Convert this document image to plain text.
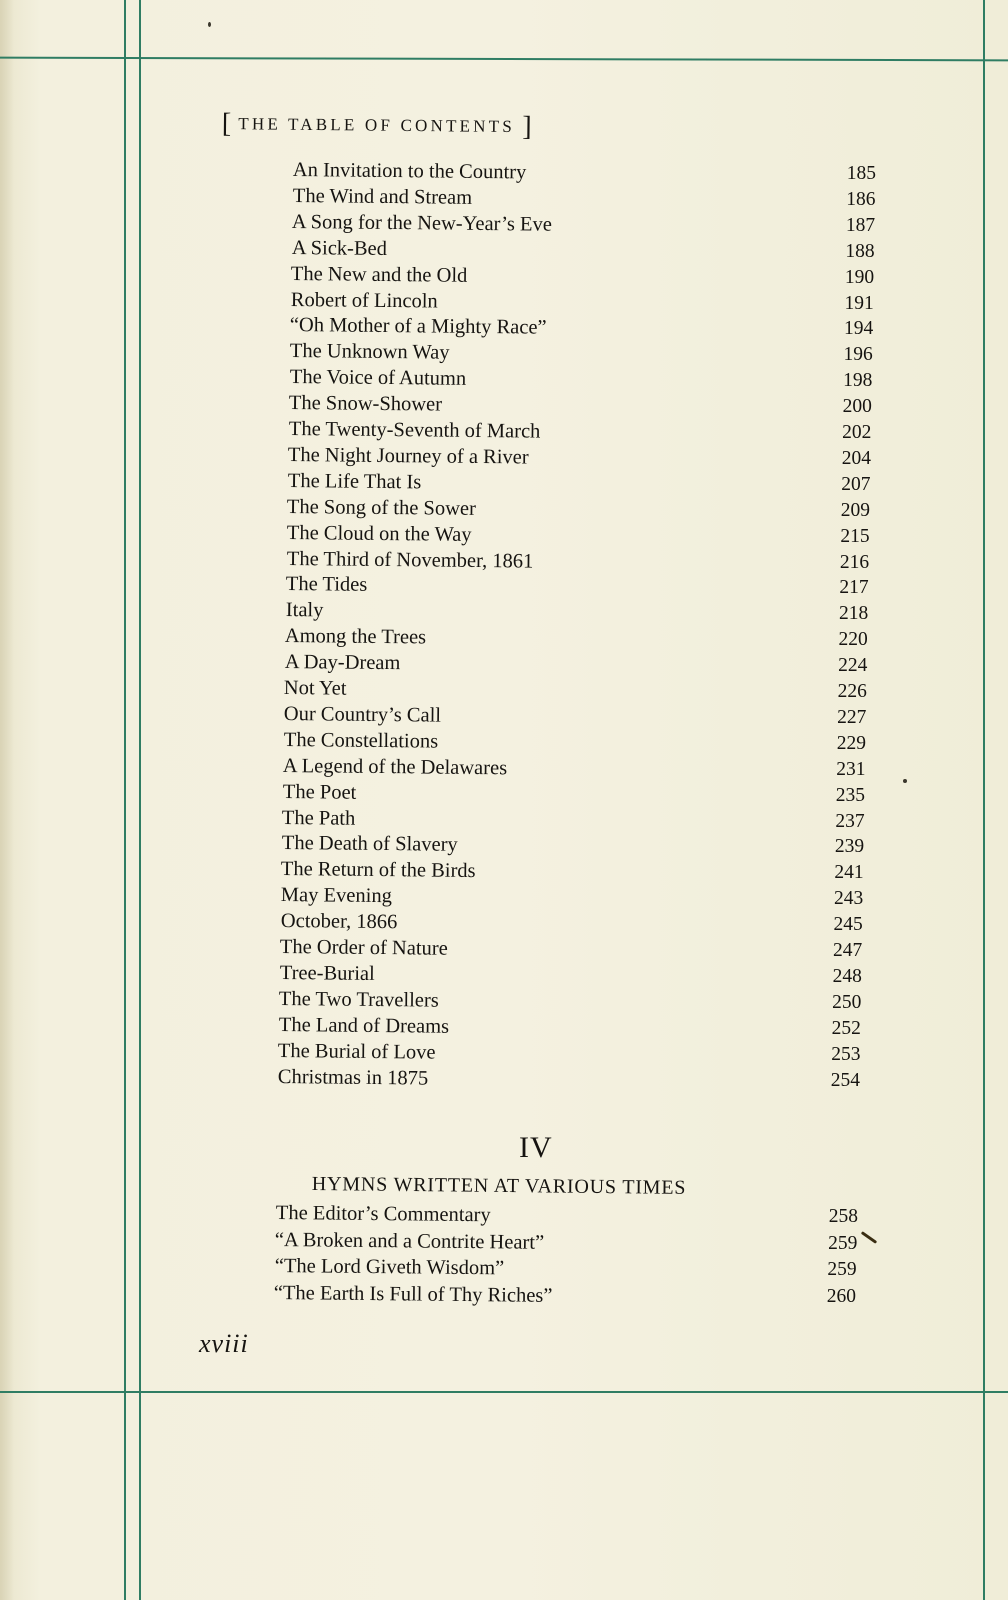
[ THE TABLE OF CONTENTS ]
An Invitation to the Country	185
The Wind and Stream	186
A Song for the New-Year’s Eve	187
A Sick-Bed	188
The New and the Old	190
Robert of Lincoln	191
“Oh Mother of a Mighty Race”	194
The Unknown Way	196
The Voice of Autumn	198
The Snow-Shower	200
The Twenty-Seventh of March	202
The Night Journey of a River	204
The Life That Is	207
The Song of the Sower	209
The Cloud on the Way	215
The Third of November, 1861	216
The Tides	217
Italy	218
Among the Trees	220
A Day-Dream	224
Not Yet	226
Our Country’s Call	227
The Constellations	229
A Legend of the Delawares	231
The Poet	235
The Path	237
The Death of Slavery	239
The Return of the Birds	241
May Evening	243
October, 1866	245
The Order of Nature	247
Tree-Burial	248
The Two Travellers	250
The Land of Dreams	252
The Burial of Love	253
Christmas in 1875	254
The Editor’s Commentary	258
“A Broken and a Contrite Heart”	259
“The Lord Giveth Wisdom”	259
“The Earth Is Full of Thy Riches”	260
IV
HYMNS WRITTEN AT VARIOUS TIMES
xviii
